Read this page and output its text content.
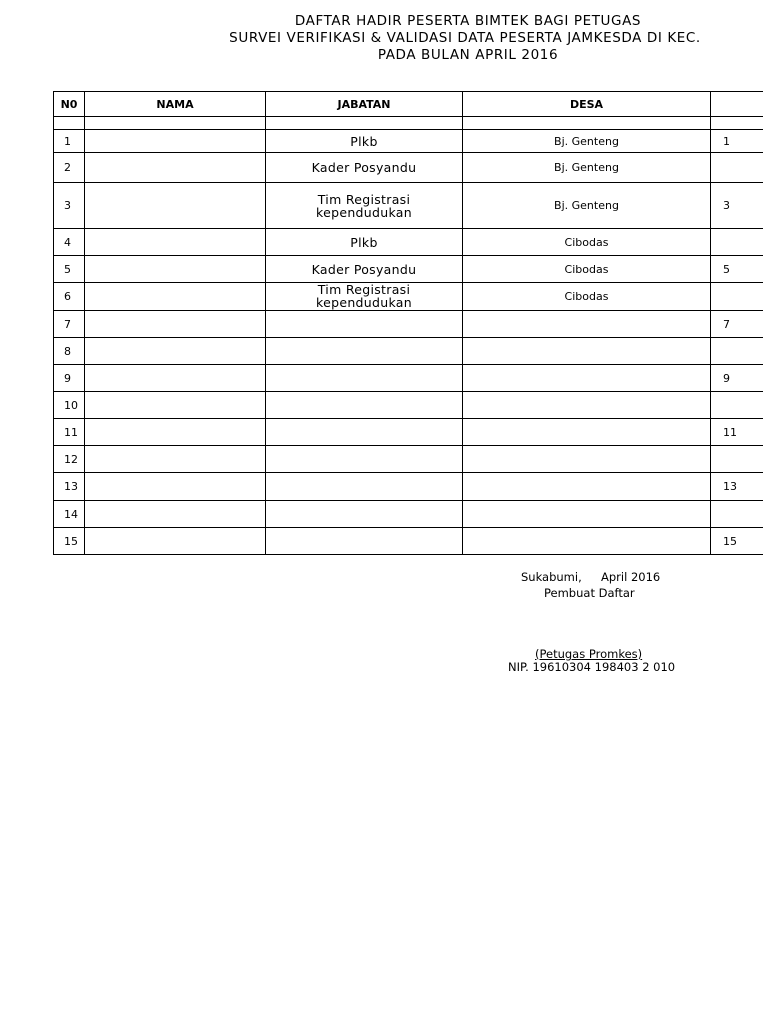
DAFTAR HADIR PESERTA BIMTEK BAGI PETUGAS
SURVEI VERIFIKASI & VALIDASI DATA PESERTA JAMKESDA DI KEC.
PADA BULAN APRIL 2016
N0	NAMA	JABATAN	DESA	

1		Plkb	Bj. Genteng	1
2		Kader Posyandu	Bj. Genteng	
3		Tim Registrasi
kependudukan	Bj. Genteng	3
4		Plkb	Cibodas	
5		Kader Posyandu	Cibodas	5
6		Tim Registrasi
kependudukan	Cibodas	
7				7
8				
9				9
10				
11				11
12				
13				13
14				
15				15
Sukabumi, April 2016
Pembuat Daftar
(Petugas Promkes)
NIP. 19610304 198403 2 010
